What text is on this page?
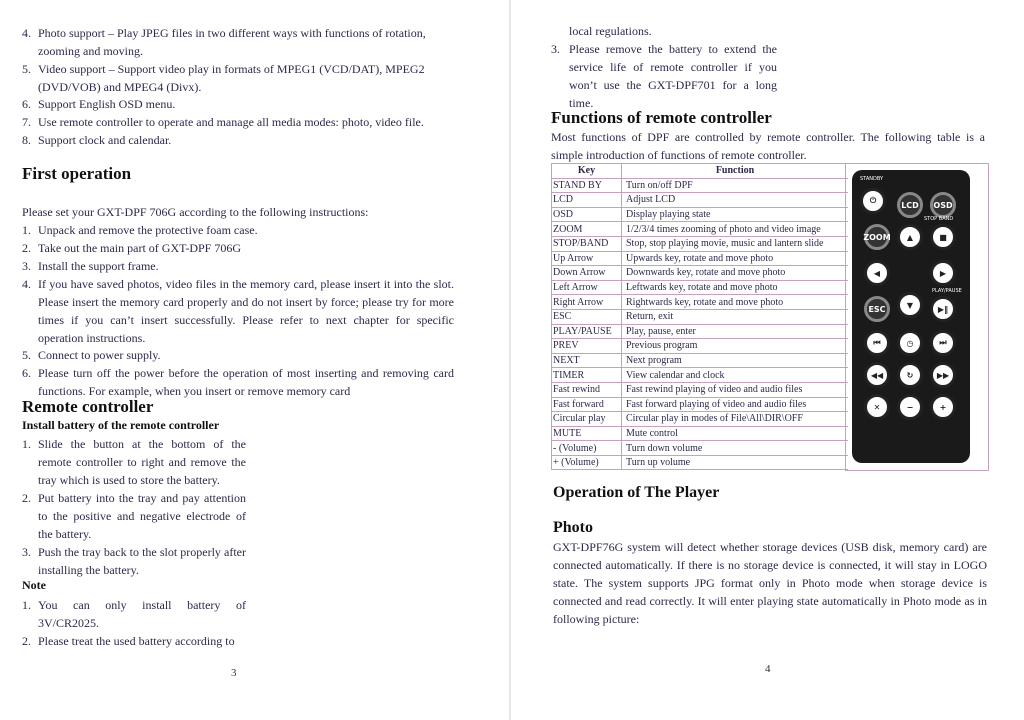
4. Photo support – Play JPEG files in two different ways with functions of rotation, zooming and moving.
5. Video support – Support video play in formats of MPEG1 (VCD/DAT), MPEG2 (DVD/VOB) and MPEG4 (Divx).
6. Support English OSD menu.
7. Use remote controller to operate and manage all media modes: photo, video file.
8. Support clock and calendar.
First operation
Please set your GXT-DPF 706G according to the following instructions:
1. Unpack and remove the protective foam case.
2. Take out the main part of GXT-DPF 706G
3. Install the support frame.
4. If you have saved photos, video files in the memory card, please insert it into the slot. Please insert the memory card properly and do not insert by force; please try for more times if you can’t insert successfully. Please refer to next chapter for specific operation instructions.
5. Connect to power supply.
6. Please turn off the power before the operation of most inserting and removing card functions. For example, when you insert or remove memory card
Remote controller
Install battery of the remote controller
1. Slide the button at the bottom of the remote controller to right and remove the tray which is used to store the battery.
2. Put battery into the tray and pay attention to the positive and negative electrode of the battery.
3. Push the tray back to the slot properly after installing the battery.
Note
1. You can only install battery of 3V/CR2025.
2. Please treat the used battery according to
3
local regulations.
3. Please remove the battery to extend the service life of remote controller if you won’t use the GXT-DPF701 for a long time.
Functions of remote controller
Most functions of DPF are controlled by remote controller. The following table is a simple introduction of functions of remote controller.
Key	Function
STAND BY	Turn on/off DPF
LCD	Adjust LCD
OSD	Display playing state
ZOOM	1/2/3/4 times zooming of photo and video image
STOP/BAND	Stop, stop playing movie, music and lantern slide
Up Arrow	Upwards key, rotate and move photo
Down Arrow	Downwards key, rotate and move photo
Left Arrow	Leftwards key, rotate and move photo
Right Arrow	Rightwards key, rotate and move photo
ESC	Return, exit
PLAY/PAUSE	Play, pause, enter
PREV	Previous program
NEXT	Next program
TIMER	View calendar and clock
Fast rewind	Fast rewind playing of video and audio files
Fast forward	Fast forward playing of video and audio files
Circular play	Circular play in modes of File\All\DIR\OFF
MUTE	Mute control
- (Volume)	Turn down volume
+ (Volume)	Turn up volume
STANDBY
⏻	LCD	OSD
STOP BAND
ZOOM	▲	■
◀	▶
PLAY/PAUSE
ESC	▼	▶‖
⏮	◷	⏭
◀◀	↻	▶▶
✕	−	+
Operation of The Player
Photo
GXT-DPF76G system will detect whether storage devices (USB disk, memory card) are connected automatically. If there is no storage device is connected, it will stay in LOGO state. The system supports JPG format only in Photo mode when storage device is connected and read correctly. It will enter playing state automatically in Photo mode as in following picture:
4
